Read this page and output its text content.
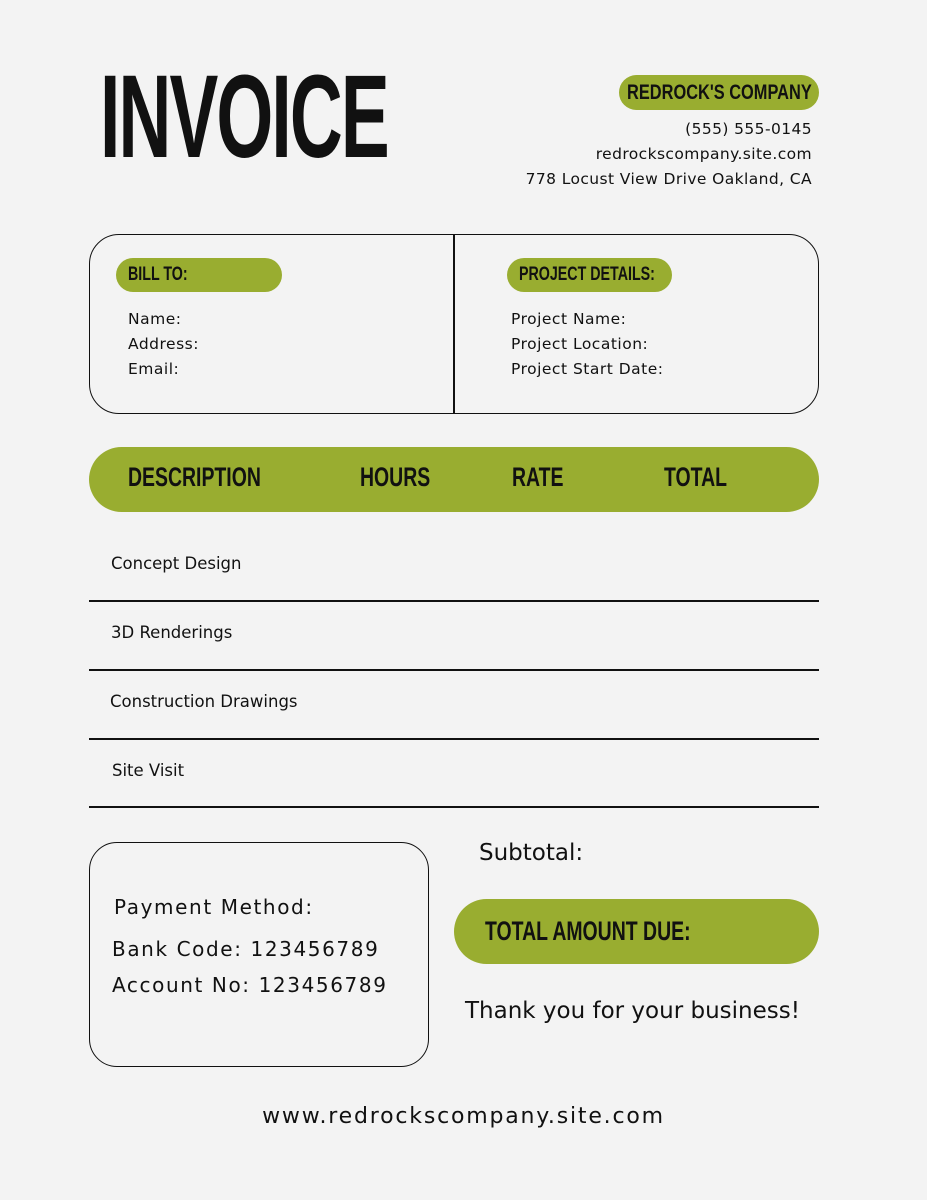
INVOICE	REDROCK'S COMPANY
(555) 555-0145
redrockscompany.site.com
778 Locust View Drive Oakland, CA
BILL TO:
Name:
Address:
Email:
PROJECT DETAILS:
Project Name:
Project Location:
Project Start Date:
DESCRIPTION	HOURS	RATE	TOTAL
Concept Design
3D Renderings
Construction Drawings
Site Visit
Payment Method:
Bank Code: 123456789
Account No: 123456789
Subtotal:
TOTAL AMOUNT DUE:
Thank you for your business!
www.redrockscompany.site.com
